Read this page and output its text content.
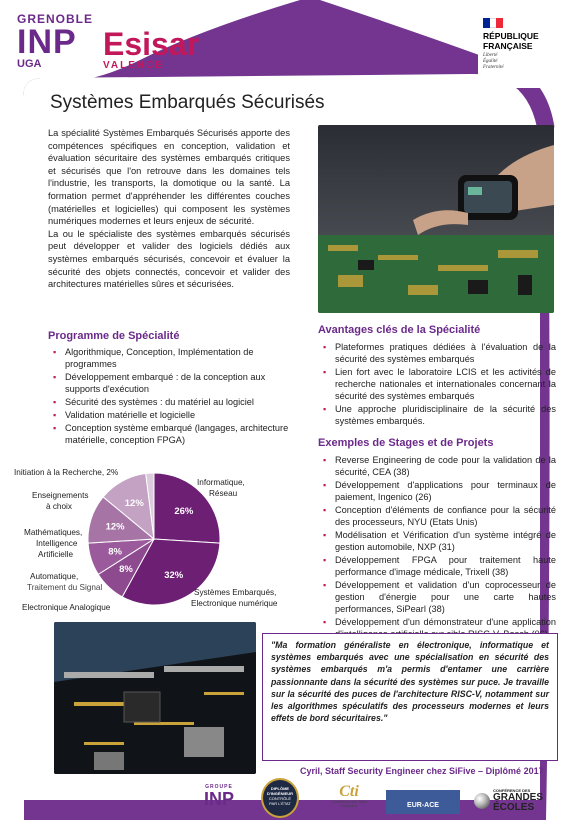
GRENOBLE
INP
UGA
Esisar
VALENCE
RÉPUBLIQUE
FRANÇAISE
Liberté
Égalité
Fraternité
Systèmes Embarqués Sécurisés

La spécialité Systèmes Embarqués Sécurisés apporte des compétences spécifiques en conception, validation et évaluation sécuritaire des systèmes embarqués critiques et sécurisés que l'on retrouve dans les domaines tels l'industrie, les transports, la domotique ou la santé. La formation permet d'appréhender les différentes couches (matérielles et logicielles) qui composent les systèmes numériques modernes et leurs enjeux de sécurité.

La ou le spécialiste des systèmes embarqués sécurisés peut développer et valider des logiciels dédiés aux systèmes embarqués sécurisés, concevoir et évaluer la sécurité des objets connectés, concevoir et valider des architectures matérielles sûres et sécurisées.

Programme de Spécialité
▪ Algorithmique, Conception, Implémentation de programmes
▪ Développement embarqué : de la conception aux supports d'exécution
▪ Sécurité des systèmes : du matériel au logiciel
▪ Validation matérielle et logicielle
▪ Conception système embarqué (langages, architecture matérielle, conception FPGA)
26%
32%
8%
8%
12%
12%
Informatique,
Réseau
Systèmes Embarqués,
Electronique numérique
Electronique Analogique
Automatique,
Traitement du Signal
Mathématiques,
Intelligence
Artificielle
Enseignements
à choix
Initiation à la Recherche, 2%
Avantages clés de la Spécialité
▪ Plateformes pratiques dédiées à l'évaluation de la sécurité des systèmes embarqués
▪ Lien fort avec le laboratoire LCIS et les activités de recherche nationales et internationales concernant la sécurité des systèmes embarqués
▪ Une approche pluridisciplinaire de la sécurité des systèmes embarqués.
Exemples de Stages et de Projets
▪ Reverse Engineering de code pour la validation de la sécurité, CEA (38)
▪ Développement d'applications pour terminaux de paiement, Ingenico (26)
▪ Conception d'éléments de confiance pour la sécurité des processeurs, NYU (Etats Unis)
▪ Modélisation et Vérification d'un système intégré de gestion automobile, NXP (31)
▪ Développement FPGA pour traitement haute performance d'image médicale, Trixell (38)
▪ Développement et validation d'un coprocesseur de gestion d'énergie pour une carte hautes performances, SiPearl (38)
▪ Développement d'un démonstrateur d'une application
"Ma formation généraliste en électronique, informatique et systèmes embarqués avec une spécialisation en sécurité des systèmes embarqués m'a permis d'entamer une carrière passionnante dans la sécurité des systèmes sur puce. Je travaille sur la sécurité des puces de l'architecture RISC-V, notamment sur les algorithmes spéculatifs des processeurs modernes et leurs effets de bord sécuritaires."
Cyril, Staff Security Engineer chez SiFive – Diplômé 2017
GROUPE
INP
DIPLÔME
D'INGÉNIEUR
CONTRÔLÉ
PAR L'ÉTAT
Cti
Commission des Titres d'Ingénieur	EUR-ACE
CONFÉRENCE DES
GRANDES
ÉCOLES
